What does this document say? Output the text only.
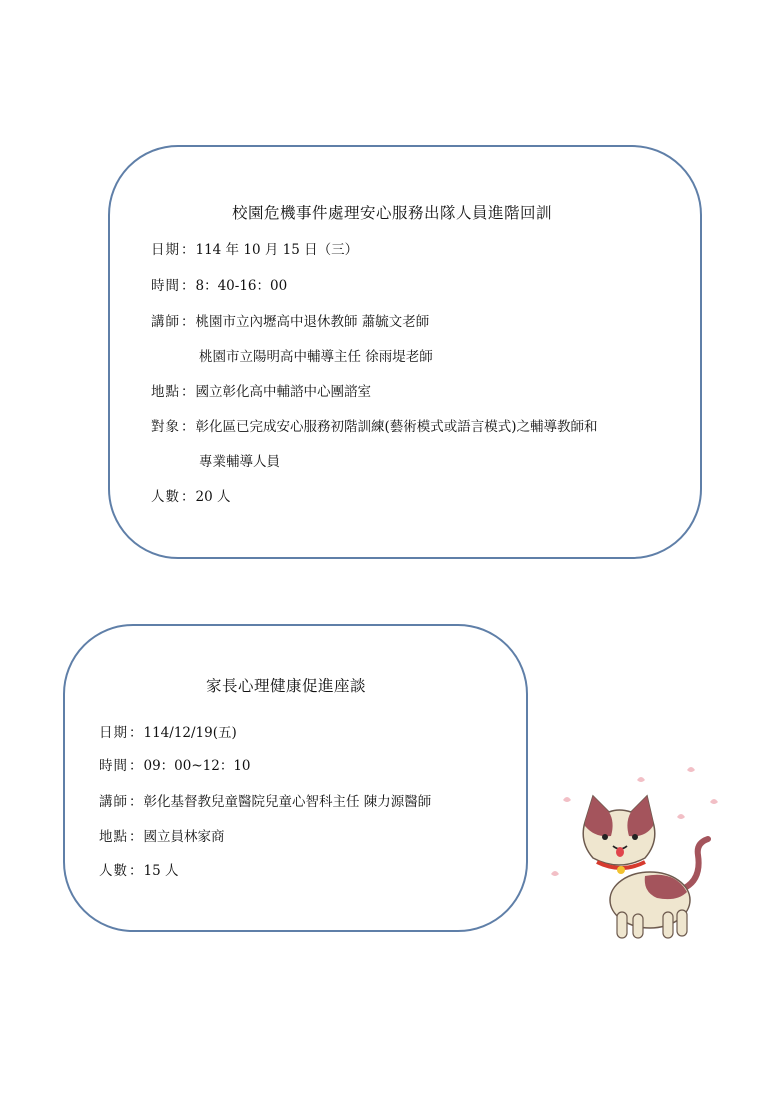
校園危機事件處理安心服務出隊人員進階回訓
日期：114 年 10 月 15 日（三）
時間：8：40-16：00
講師：桃園市立內壢高中退休教師 蕭毓文老師
桃園市立陽明高中輔導主任 徐雨堤老師
地點：國立彰化高中輔諮中心團諮室
對象：彰化區已完成安心服務初階訓練(藝術模式或語言模式)之輔導教師和
專業輔導人員
人數：20 人
家長心理健康促進座談
日期：114/12/19(五)
時間：09：00~12：10
講師：彰化基督教兒童醫院兒童心智科主任 陳力源醫師
地點：國立員林家商
人數：15 人
